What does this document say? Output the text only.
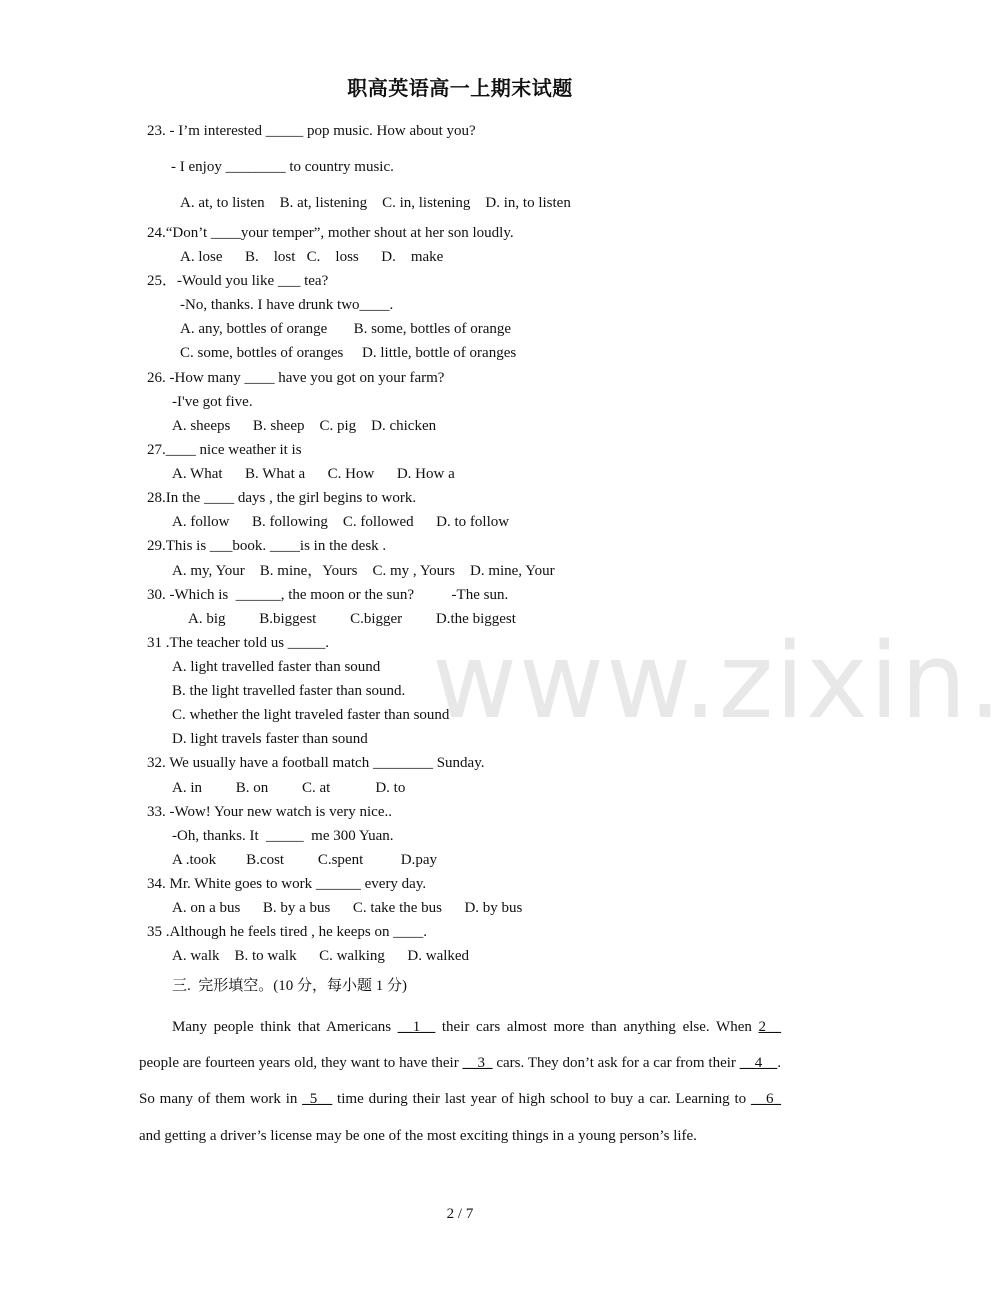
www.zixin.
职高英语高一上期末试题
23. - I’m interested _____ pop music. How about you?
- I enjoy ________ to country music.
A. at, to listen    B. at, listening    C. in, listening    D. in, to listen
24.“Don’t ____your temper”, mother shout at her son loudly.
A. lose      B.    lost   C.    loss      D.    make
25．-Would you like ___ tea?
-No, thanks. I have drunk two____.
A. any, bottles of orange       B. some, bottles of orange
C. some, bottles of oranges     D. little, bottle of oranges
26. -How many ____ have you got on your farm?
-I've got five.
A. sheeps      B. sheep    C. pig    D. chicken
27.____ nice weather it is
A. What      B. What a      C. How      D. How a
28.In the ____ days , the girl begins to work.
A. follow      B. following    C. followed      D. to follow
29.This is ___book. ____is in the desk .
A. my, Your    B. mine，Yours    C. my , Yours    D. mine, Your
30. -Which is  ______, the moon or the sun?          -The sun.
A. big         B.biggest         C.bigger         D.the biggest
31 .The teacher told us _____.
A. light travelled faster than sound
B. the light travelled faster than sound.
C. whether the light traveled faster than sound
D. light travels faster than sound
32. We usually have a football match ________ Sunday.
A. in         B. on         C. at            D. to
33. -Wow! Your new watch is very nice..
-Oh, thanks. It  _____  me 300 Yuan.
A .took        B.cost         C.spent          D.pay
34. Mr. White goes to work ______ every day.
A. on a bus      B. by a bus      C. take the bus      D. by bus
35 .Although he feels tired , he keeps on ____.
A. walk    B. to walk      C. walking      D. walked
三.  完形填空。(10 分，每小题 1 分)

Many people think that Americans __1__ their cars almost more than anything else. When 2__ people are fourteen years old, they want to have their __3_ cars. They don’t ask for a car from their __4__. So many of them work in _5__ time during their last year of high school to buy a car. Learning to __6_ and getting a driver’s license may be one of the most exciting things in a young person’s life.

2 / 7
